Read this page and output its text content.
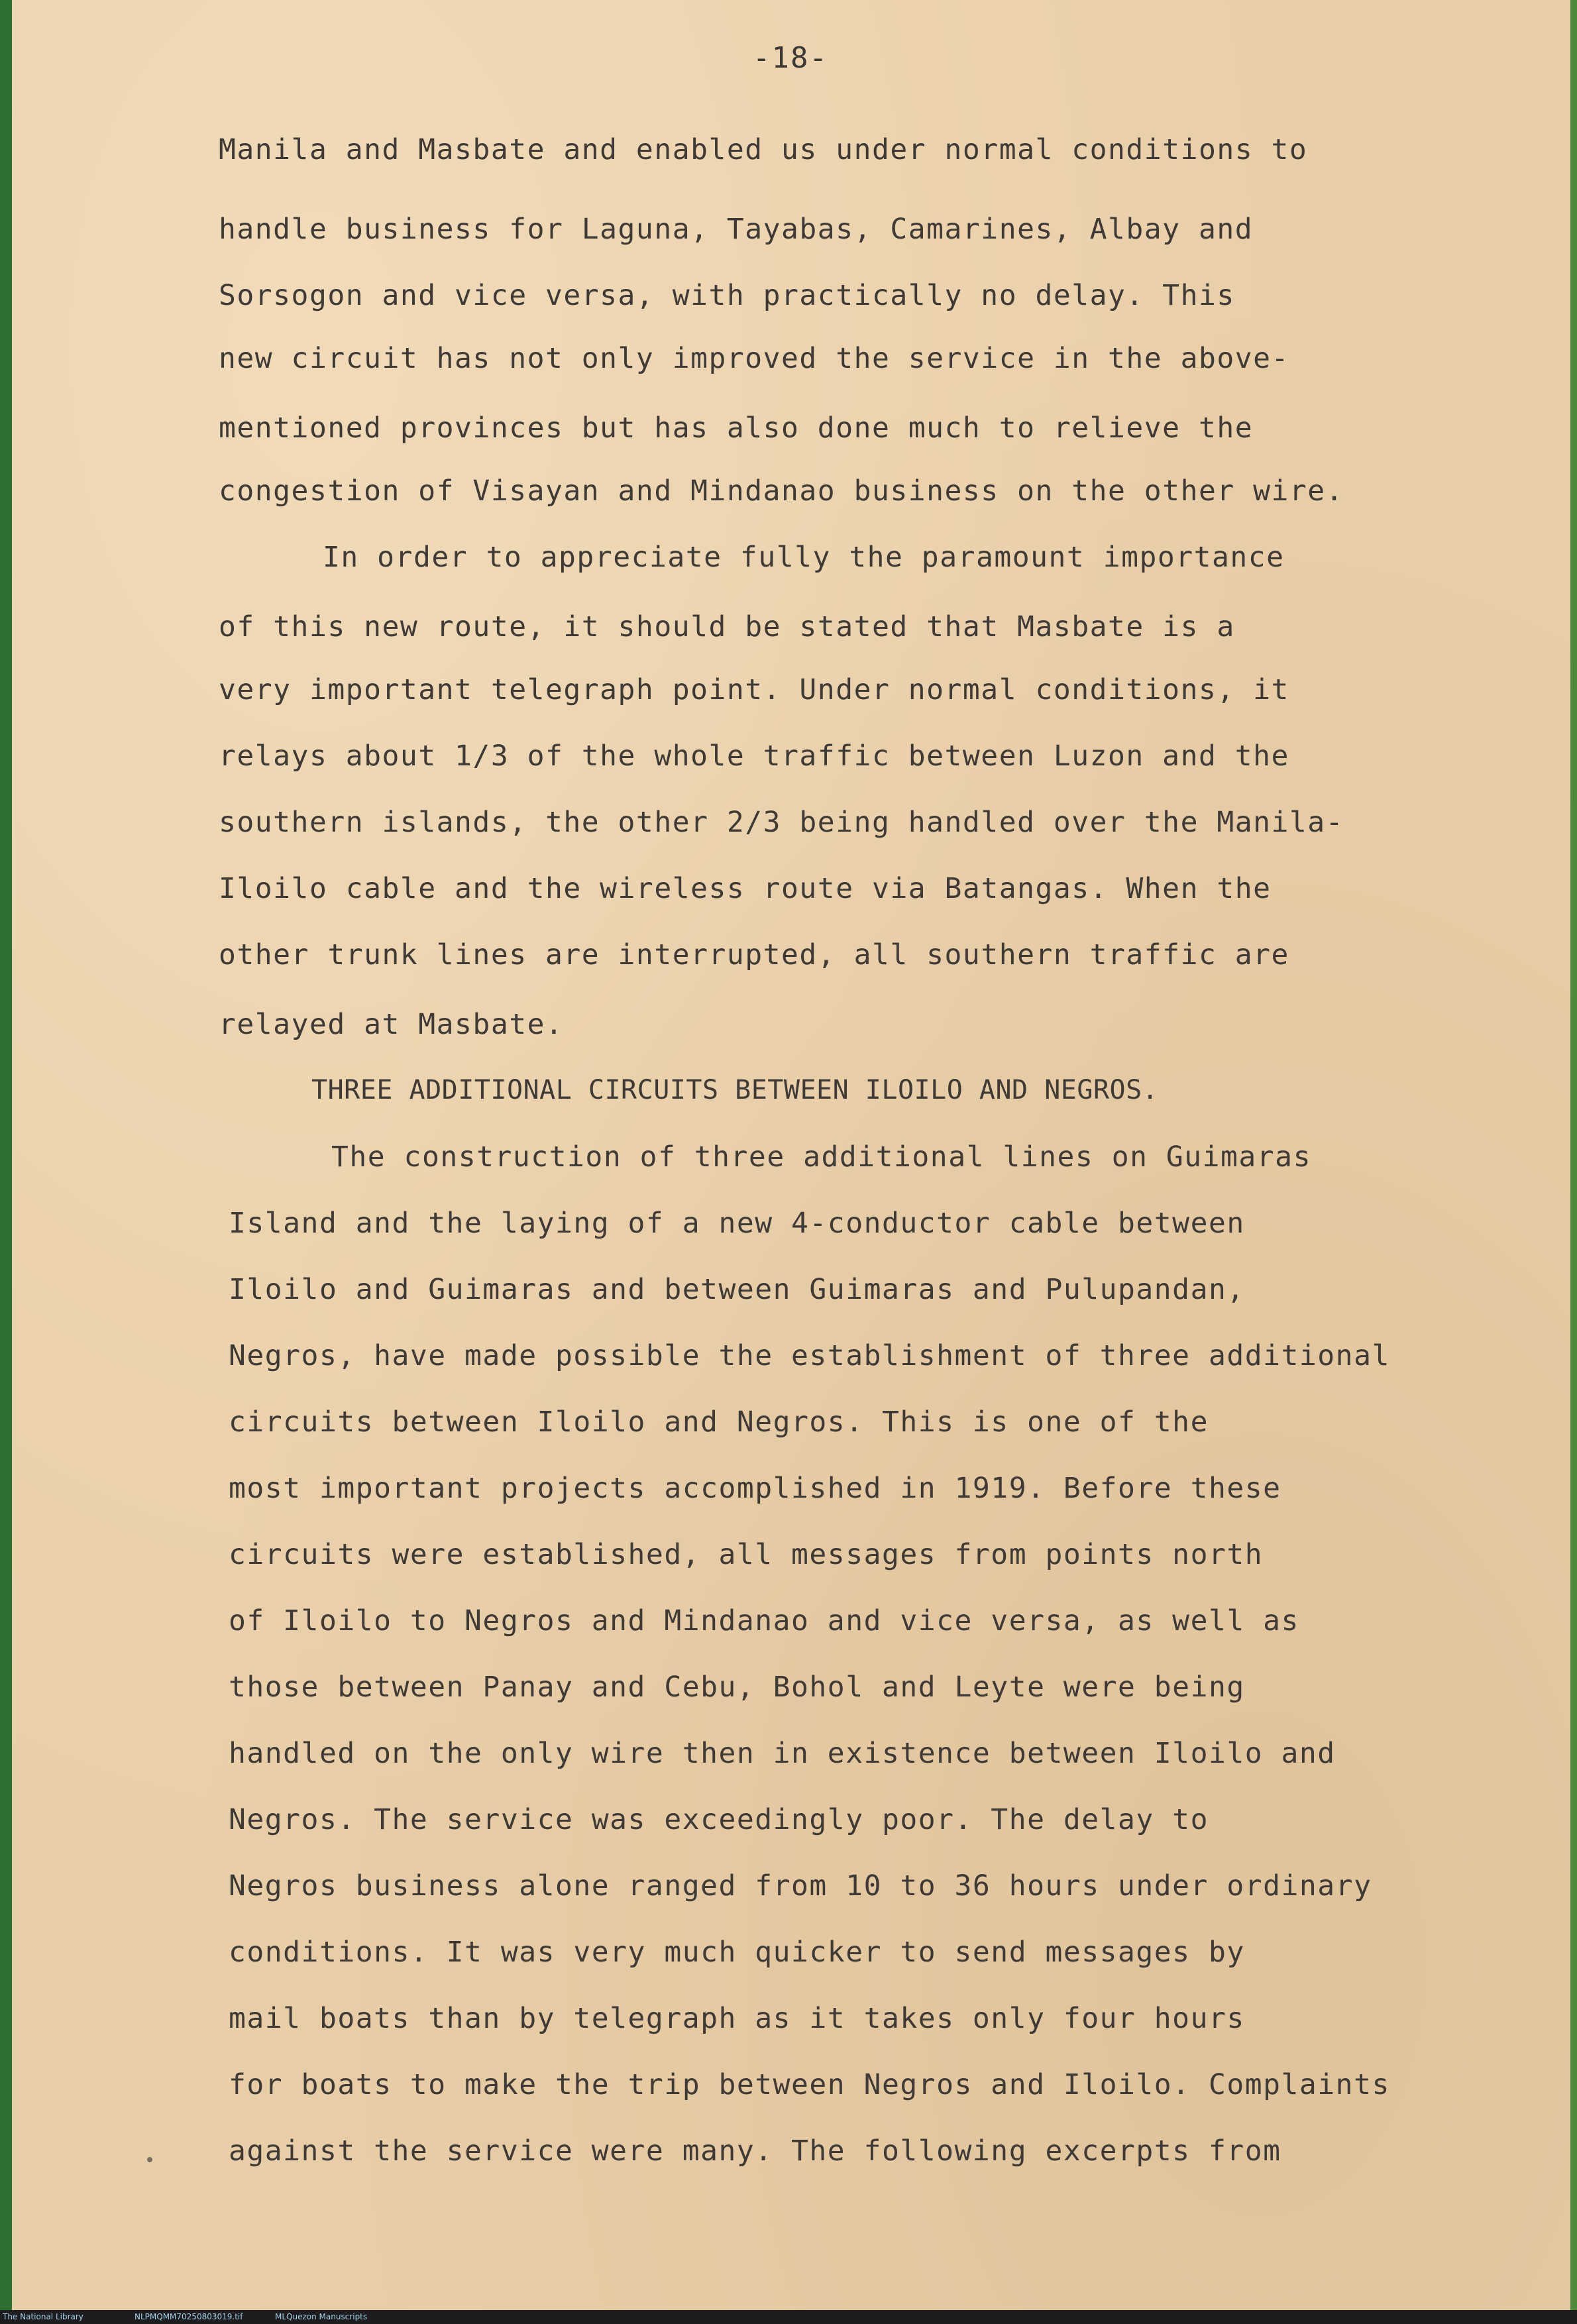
-18-
Manila and Masbate and enabled us under normal conditions to
handle business for Laguna, Tayabas, Camarines, Albay and
Sorsogon and vice versa, with practically no delay. This
new circuit has not only improved the service in the above-
mentioned provinces but has also done much to relieve the
congestion of Visayan and Mindanao business on the other wire.
In order to appreciate fully the paramount importance
of this new route, it should be stated that Masbate is a
very important telegraph point. Under normal conditions, it
relays about 1/3 of the whole traffic between Luzon and the
southern islands, the other 2/3 being handled over the Manila-
Iloilo cable and the wireless route via Batangas. When the
other trunk lines are interrupted, all southern traffic are
relayed at Masbate.
THREE ADDITIONAL CIRCUITS BETWEEN ILOILO AND NEGROS.
The construction of three additional lines on Guimaras
Island and the laying of a new 4-conductor cable between
Iloilo and Guimaras and between Guimaras and Pulupandan,
Negros, have made possible the establishment of three additional
circuits between Iloilo and Negros. This is one of the
most important projects accomplished in 1919. Before these
circuits were established, all messages from points north
of Iloilo to Negros and Mindanao and vice versa, as well as
those between Panay and Cebu, Bohol and Leyte were being
handled on the only wire then in existence between Iloilo and
Negros. The service was exceedingly poor. The delay to
Negros business alone ranged from 10 to 36 hours under ordinary
conditions. It was very much quicker to send messages by
mail boats than by telegraph as it takes only four hours
for boats to make the trip between Negros and Iloilo. Complaints
against the service were many. The following excerpts from
The National Library	NLPMQMM70250803019.tif	MLQuezon Manuscripts
